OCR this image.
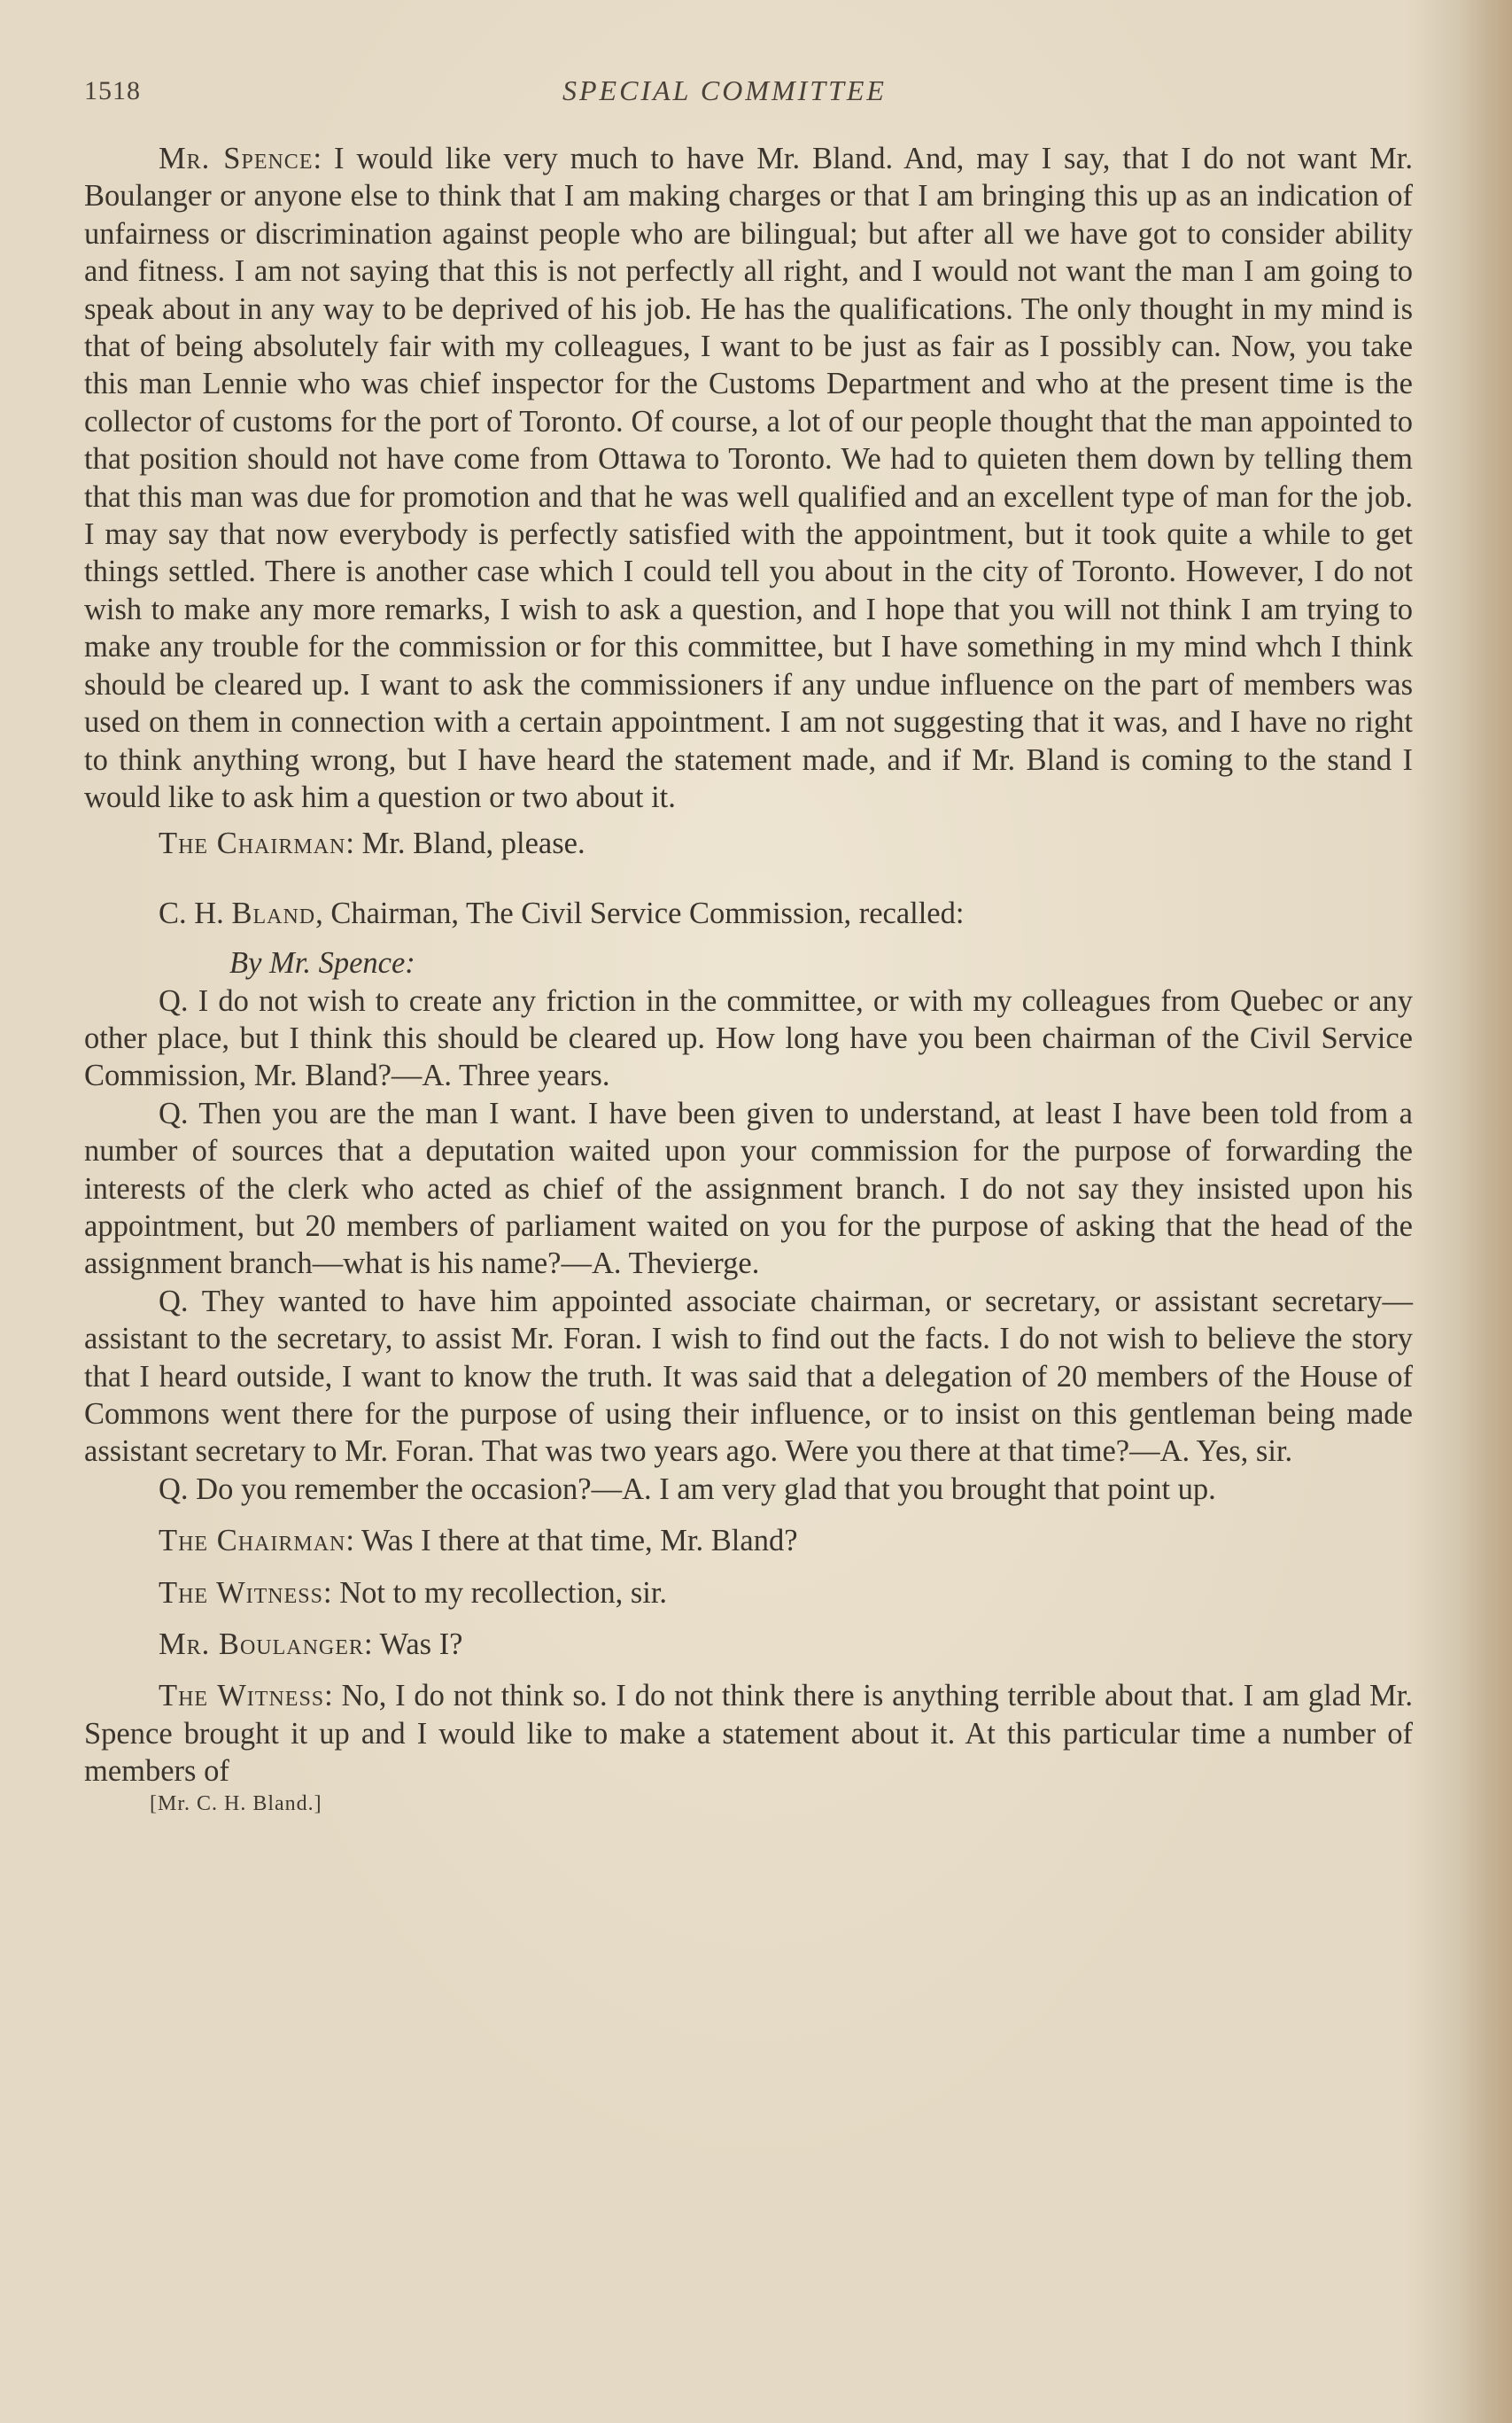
1518	SPECIAL COMMITTEE

Mr. Spence: I would like very much to have Mr. Bland. And, may I say, that I do not want Mr. Boulanger or anyone else to think that I am making charges or that I am bringing this up as an indication of unfairness or discrimination against people who are bilingual; but after all we have got to consider ability and fitness. I am not saying that this is not perfectly all right, and I would not want the man I am going to speak about in any way to be deprived of his job. He has the qualifications. The only thought in my mind is that of being absolutely fair with my colleagues, I want to be just as fair as I possibly can. Now, you take this man Lennie who was chief inspector for the Customs Department and who at the present time is the collector of customs for the port of Toronto. Of course, a lot of our people thought that the man appointed to that position should not have come from Ottawa to Toronto. We had to quieten them down by telling them that this man was due for promotion and that he was well qualified and an excellent type of man for the job. I may say that now everybody is perfectly satisfied with the appointment, but it took quite a while to get things settled. There is another case which I could tell you about in the city of Toronto. However, I do not wish to make any more remarks, I wish to ask a question, and I hope that you will not think I am trying to make any trouble for the commission or for this committee, but I have something in my mind whch I think should be cleared up. I want to ask the commissioners if any undue influence on the part of members was used on them in connection with a certain appointment. I am not suggesting that it was, and I have no right to think anything wrong, but I have heard the statement made, and if Mr. Bland is coming to the stand I would like to ask him a question or two about it.

The Chairman: Mr. Bland, please.

C. H. Bland, Chairman, The Civil Service Commission, recalled:

By Mr. Spence:

Q. I do not wish to create any friction in the committee, or with my colleagues from Quebec or any other place, but I think this should be cleared up. How long have you been chairman of the Civil Service Commission, Mr. Bland?—A. Three years.

Q. Then you are the man I want. I have been given to understand, at least I have been told from a number of sources that a deputation waited upon your commission for the purpose of forwarding the interests of the clerk who acted as chief of the assignment branch. I do not say they insisted upon his appointment, but 20 members of parliament waited on you for the purpose of asking that the head of the assignment branch—what is his name?—A. Thevierge.

Q. They wanted to have him appointed associate chairman, or secretary, or assistant secretary—assistant to the secretary, to assist Mr. Foran. I wish to find out the facts. I do not wish to believe the story that I heard outside, I want to know the truth. It was said that a delegation of 20 members of the House of Commons went there for the purpose of using their influence, or to insist on this gentleman being made assistant secretary to Mr. Foran. That was two years ago. Were you there at that time?—A. Yes, sir.

Q. Do you remember the occasion?—A. I am very glad that you brought that point up.

The Chairman: Was I there at that time, Mr. Bland?

The Witness: Not to my recollection, sir.

Mr. Boulanger: Was I?

The Witness: No, I do not think so. I do not think there is anything terrible about that. I am glad Mr. Spence brought it up and I would like to make a statement about it. At this particular time a number of members of

[Mr. C. H. Bland.]
